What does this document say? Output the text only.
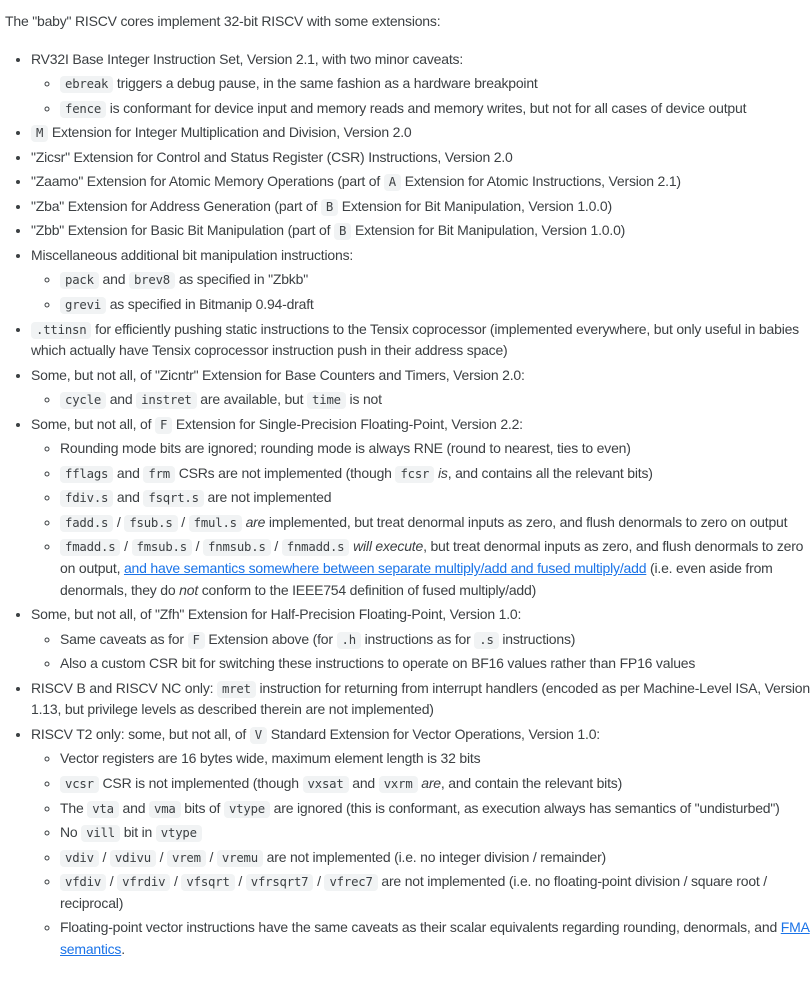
The "baby" RISCV cores implement 32-bit RISCV with some extensions:

• RV32I Base Integer Instruction Set, Version 2.1, with two minor caveats:
◦ ebreak triggers a debug pause, in the same fashion as a hardware breakpoint
◦ fence is conformant for device input and memory reads and memory writes, but not for all cases of device output
• M Extension for Integer Multiplication and Division, Version 2.0
• "Zicsr" Extension for Control and Status Register (CSR) Instructions, Version 2.0
• "Zaamo" Extension for Atomic Memory Operations (part of A Extension for Atomic Instructions, Version 2.1)
• "Zba" Extension for Address Generation (part of B Extension for Bit Manipulation, Version 1.0.0)
• "Zbb" Extension for Basic Bit Manipulation (part of B Extension for Bit Manipulation, Version 1.0.0)
• Miscellaneous additional bit manipulation instructions:
◦ pack and brev8 as specified in "Zbkb"
◦ grevi as specified in Bitmanip 0.94-draft
• .ttinsn for efficiently pushing static instructions to the Tensix coprocessor (implemented everywhere, but only useful in babies which actually have Tensix coprocessor instruction push in their address space)
• Some, but not all, of "Zicntr" Extension for Base Counters and Timers, Version 2.0:
◦ cycle and instret are available, but time is not
• Some, but not all, of F Extension for Single-Precision Floating-Point, Version 2.2:
◦ Rounding mode bits are ignored; rounding mode is always RNE (round to nearest, ties to even)
◦ fflags and frm CSRs are not implemented (though fcsr is, and contains all the relevant bits)
◦ fdiv.s and fsqrt.s are not implemented
◦ fadd.s / fsub.s / fmul.s are implemented, but treat denormal inputs as zero, and flush denormals to zero on output
◦ fmadd.s / fmsub.s / fnmsub.s / fnmadd.s will execute, but treat denormal inputs as zero, and flush denormals to zero on output, and have semantics somewhere between separate multiply/add and fused multiply/add (i.e. even aside from denormals, they do not conform to the IEEE754 definition of fused multiply/add)
• Some, but not all, of "Zfh" Extension for Half-Precision Floating-Point, Version 1.0:
◦ Same caveats as for F Extension above (for .h instructions as for .s instructions)
◦ Also a custom CSR bit for switching these instructions to operate on BF16 values rather than FP16 values
• RISCV B and RISCV NC only: mret instruction for returning from interrupt handlers (encoded as per Machine-Level ISA, Version 1.13, but privilege levels as described therein are not implemented)
• RISCV T2 only: some, but not all, of V Standard Extension for Vector Operations, Version 1.0:
◦ Vector registers are 16 bytes wide, maximum element length is 32 bits
◦ vcsr CSR is not implemented (though vxsat and vxrm are, and contain the relevant bits)
◦ The vta and vma bits of vtype are ignored (this is conformant, as execution always has semantics of "undisturbed")
◦ No vill bit in vtype
◦ vdiv / vdivu / vrem / vremu are not implemented (i.e. no integer division / remainder)
◦ vfdiv / vfrdiv / vfsqrt / vfrsqrt7 / vfrec7 are not implemented (i.e. no floating-point division / square root / reciprocal)
◦ Floating-point vector instructions have the same caveats as their scalar equivalents regarding rounding, denormals, and FMA semantics.
